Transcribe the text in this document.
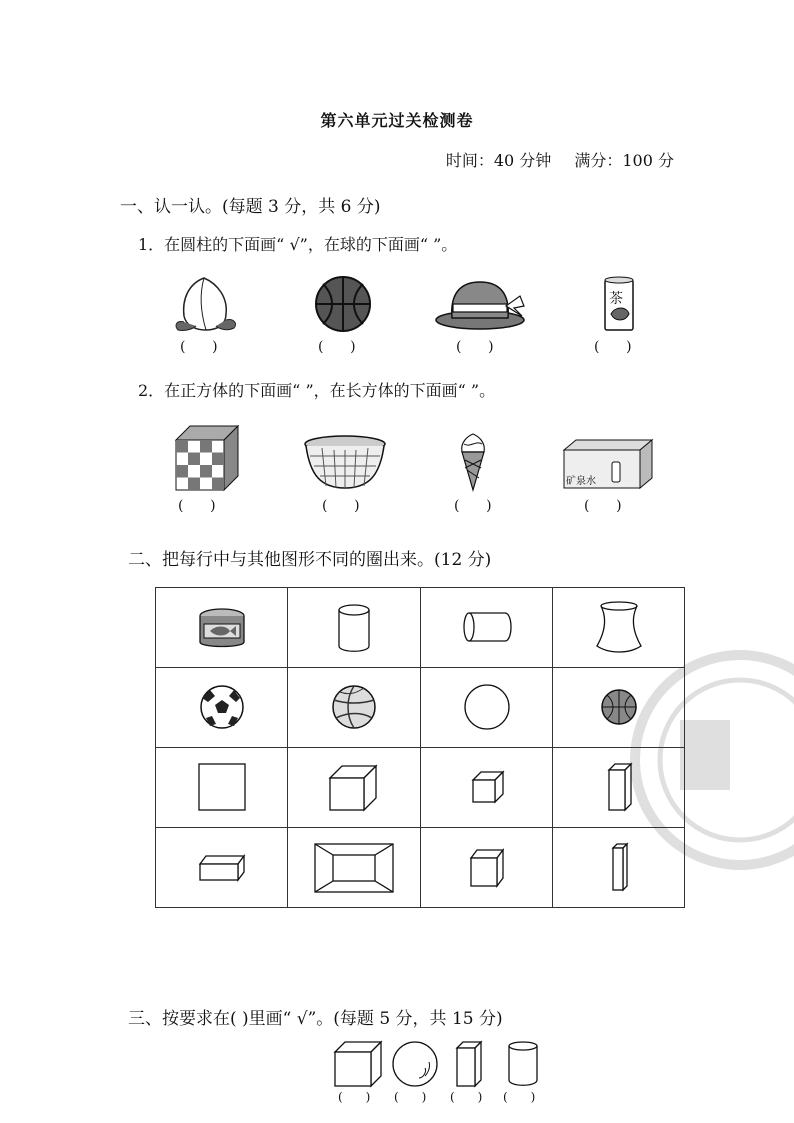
第六单元过关检测卷
时间：40 分钟 满分：100 分
一、认一认。(每题 3 分，共 6 分)
1．在圆柱的下面画“ √”，在球的下面画“ ”。
茶
(      )	(      )	(      )	(      )
2．在正方体的下面画“ ”，在长方体的下面画“ ”。
矿泉水
(      )	(      )	(      )	(      )
二、把每行中与其他图形不同的圈出来。(12 分)

三、按要求在( )里画“ √”。(每题 5 分，共 15 分)
(      ) (      ) (      ) (      )
